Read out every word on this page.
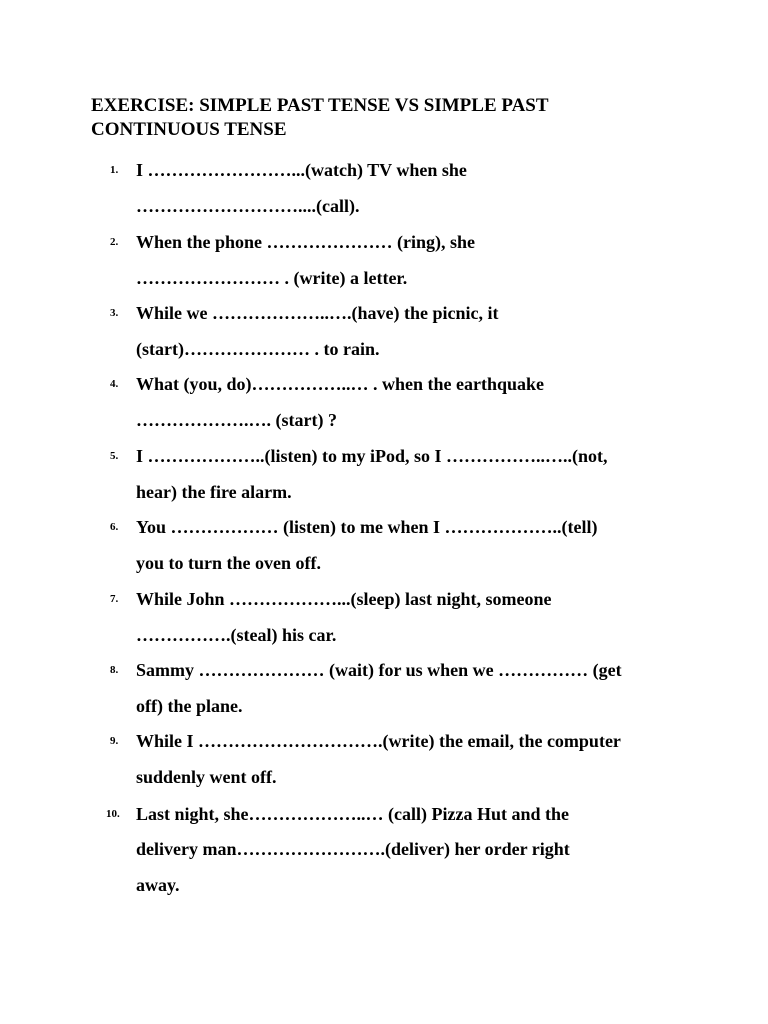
EXERCISE: SIMPLE PAST TENSE VS SIMPLE PAST
CONTINUOUS TENSE
1. I ……………………...(watch) TV when she
………………………....(call).
2. When the phone ………………… (ring), she
…………………… . (write) a letter.
3. While we ………………..….(have) the picnic, it
(start)………………… . to rain.
4. What (you, do)……………..… . when the earthquake
……………….…. (start) ?
5. I ………………..(listen) to my iPod, so I ……………..…..(not,
hear) the fire alarm.
6. You ……………… (listen) to me when I ………………..(tell)
you to turn the oven off.
7. While John ………………...(sleep) last night, someone
…………….(steal) his car.
8. Sammy ………………… (wait) for us when we …………… (get
off) the plane.
9. While I ………………………….(write) the email, the computer
suddenly went off.
10. Last night, she………………..… (call) Pizza Hut and the
delivery man…………………….(deliver) her order right
away.
